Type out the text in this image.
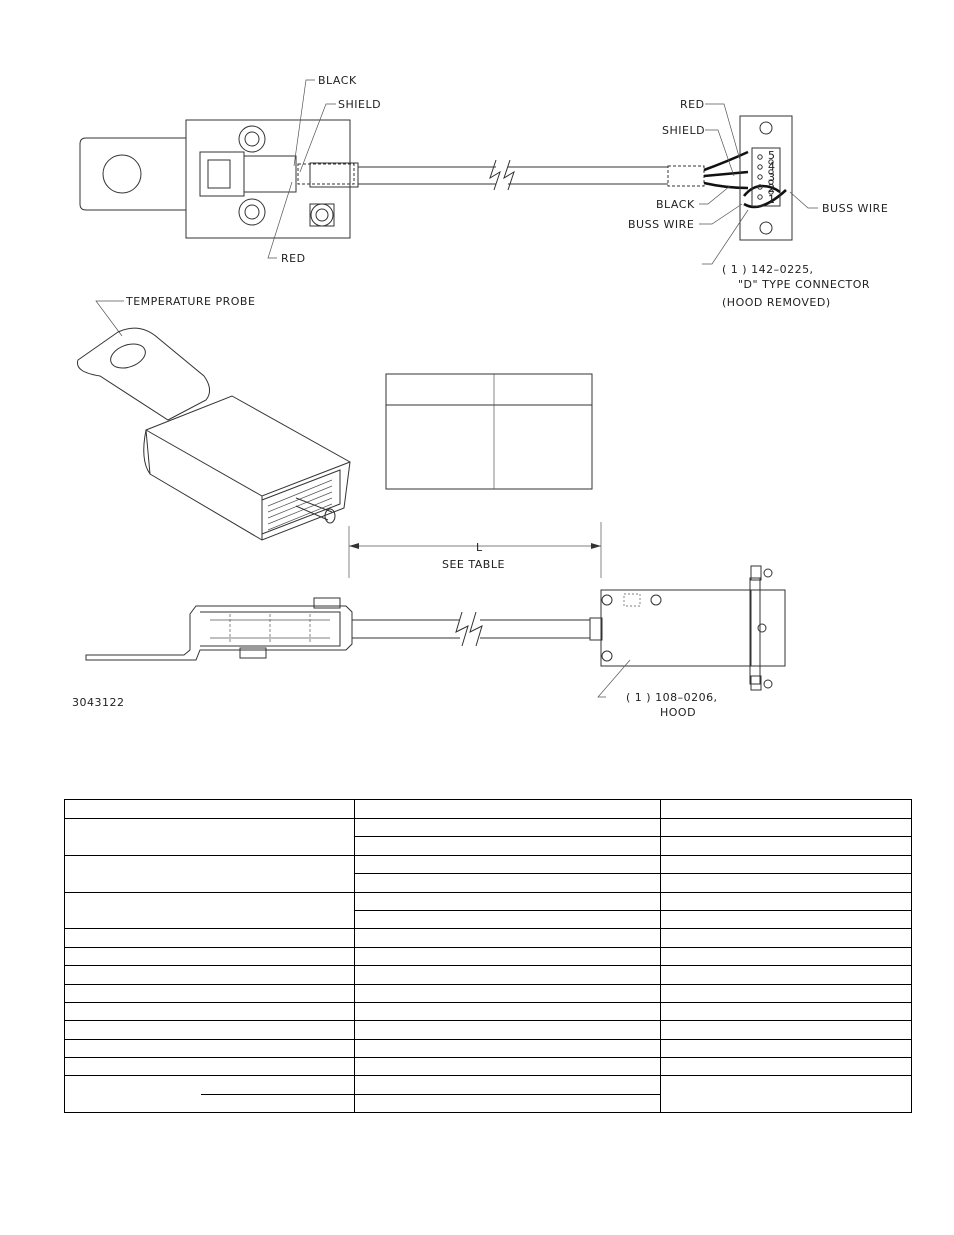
5
4
3
2
1
BLACK
SHIELD
RED
RED
SHIELD
BLACK
BUSS WIRE
BUSS WIRE
( 1 ) 142–0225,
"D" TYPE CONNECTOR
(HOOD REMOVED)
TEMPERATURE PROBE
L
SEE TABLE
( 1 ) 108–0206,
HOOD
3043122
